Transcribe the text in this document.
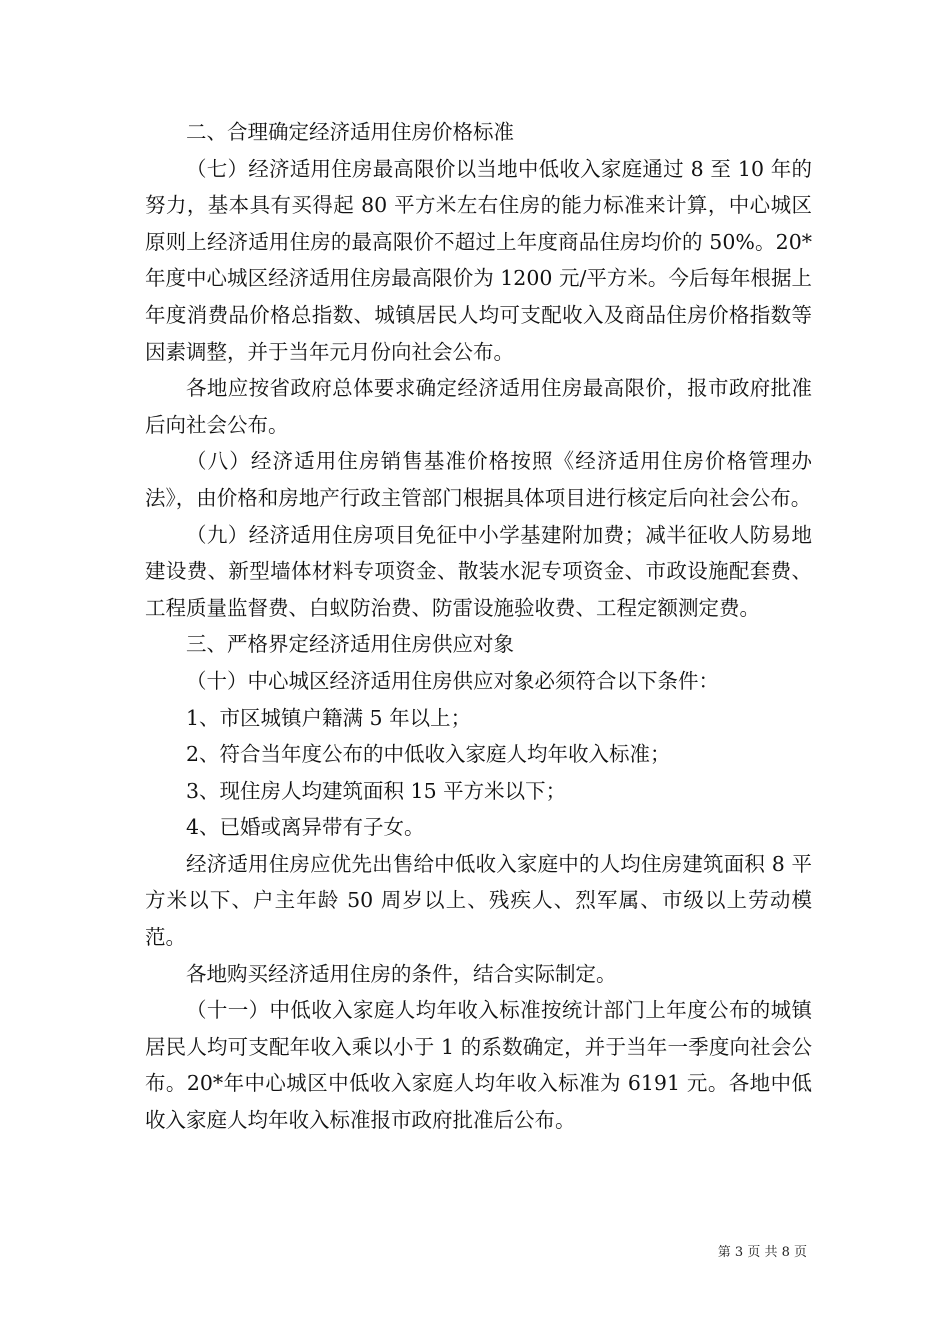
二、合理确定经济适用住房价格标准

（七）经济适用住房最高限价以当地中低收入家庭通过 8 至 10 年的努力，基本具有买得起 80 平方米左右住房的能力标准来计算，中心城区原则上经济适用住房的最高限价不超过上年度商品住房均价的 50%。20*年度中心城区经济适用住房最高限价为 1200 元/平方米。今后每年根据上年度消费品价格总指数、城镇居民人均可支配收入及商品住房价格指数等因素调整，并于当年元月份向社会公布。

各地应按省政府总体要求确定经济适用住房最高限价，报市政府批准后向社会公布。

（八）经济适用住房销售基准价格按照《经济适用住房价格管理办法》，由价格和房地产行政主管部门根据具体项目进行核定后向社会公布。

（九）经济适用住房项目免征中小学基建附加费；减半征收人防易地建设费、新型墙体材料专项资金、散装水泥专项资金、市政设施配套费、工程质量监督费、白蚁防治费、防雷设施验收费、工程定额测定费。

三、严格界定经济适用住房供应对象

（十）中心城区经济适用住房供应对象必须符合以下条件：

1、市区城镇户籍满 5 年以上；

2、符合当年度公布的中低收入家庭人均年收入标准；

3、现住房人均建筑面积 15 平方米以下；

4、已婚或离异带有子女。

经济适用住房应优先出售给中低收入家庭中的人均住房建筑面积 8 平方米以下、户主年龄 50 周岁以上、残疾人、烈军属、市级以上劳动模范。

各地购买经济适用住房的条件，结合实际制定。

（十一）中低收入家庭人均年收入标准按统计部门上年度公布的城镇居民人均可支配年收入乘以小于 1 的系数确定，并于当年一季度向社会公布。20*年中心城区中低收入家庭人均年收入标准为 6191 元。各地中低收入家庭人均年收入标准报市政府批准后公布。

第 3 页 共 8 页
